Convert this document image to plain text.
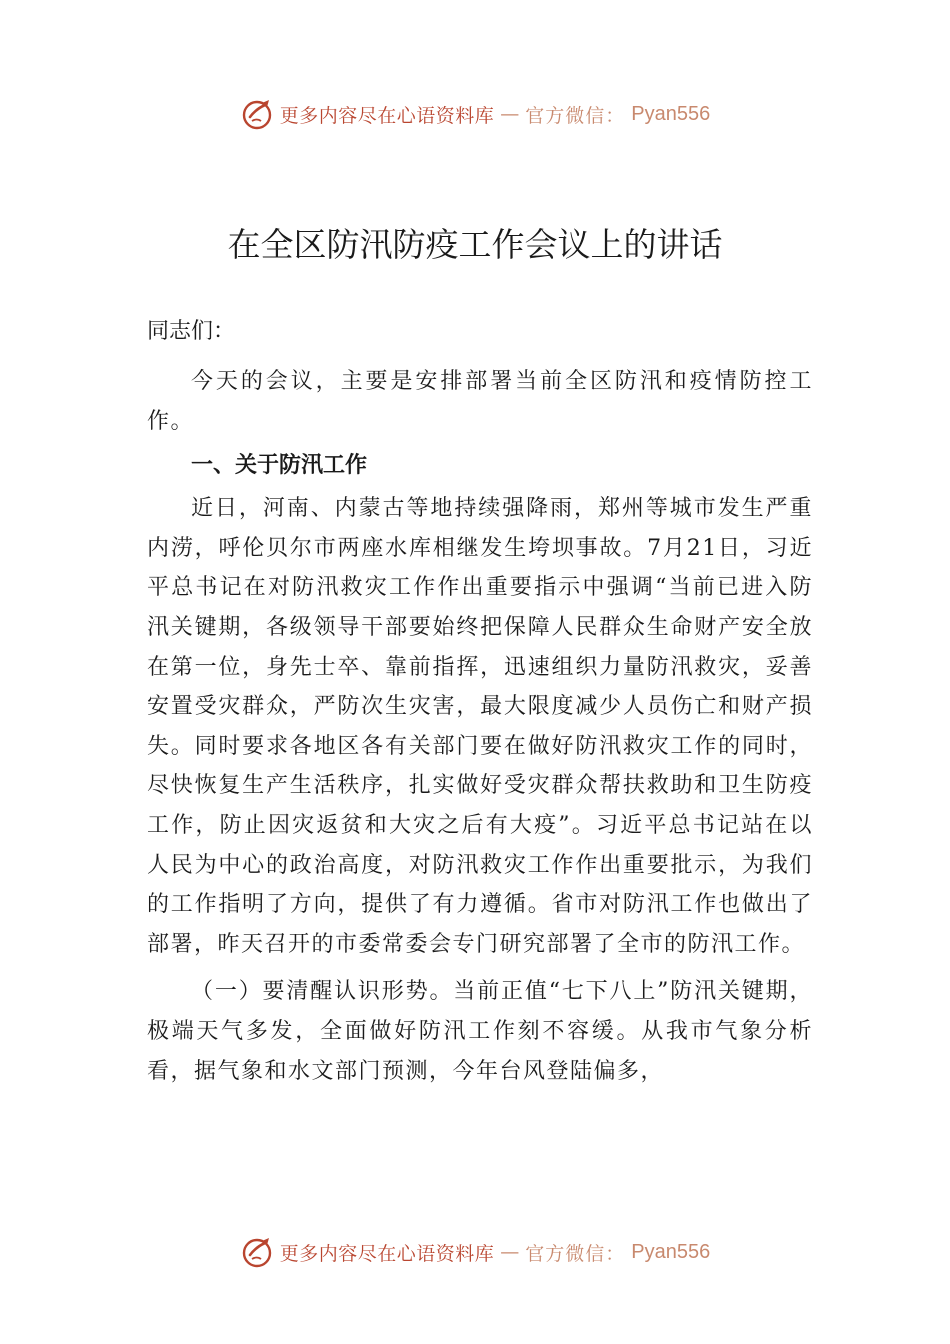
更多内容尽在心语资料库 — 官方微信： Pyan556
在全区防汛防疫工作会议上的讲话

同志们：

今天的会议，主要是安排部署当前全区防汛和疫情防控工作。

一、关于防汛工作

近日，河南、内蒙古等地持续强降雨，郑州等城市发生严重内涝，呼伦贝尔市两座水库相继发生垮坝事故。7月21日，习近平总书记在对防汛救灾工作作出重要指示中强调“当前已进入防汛关键期，各级领导干部要始终把保障人民群众生命财产安全放在第一位，身先士卒、靠前指挥，迅速组织力量防汛救灾，妥善安置受灾群众，严防次生灾害，最大限度减少人员伤亡和财产损失。同时要求各地区各有关部门要在做好防汛救灾工作的同时，尽快恢复生产生活秩序，扎实做好受灾群众帮扶救助和卫生防疫工作，防止因灾返贫和大灾之后有大疫”。习近平总书记站在以人民为中心的政治高度，对防汛救灾工作作出重要批示，为我们的工作指明了方向，提供了有力遵循。省市对防汛工作也做出了部署，昨天召开的市委常委会专门研究部署了全市的防汛工作。

（一）要清醒认识形势。当前正值“七下八上”防汛关键期，极端天气多发，全面做好防汛工作刻不容缓。从我市气象分析看，据气象和水文部门预测，今年台风登陆偏多，

更多内容尽在心语资料库 — 官方微信： Pyan556
